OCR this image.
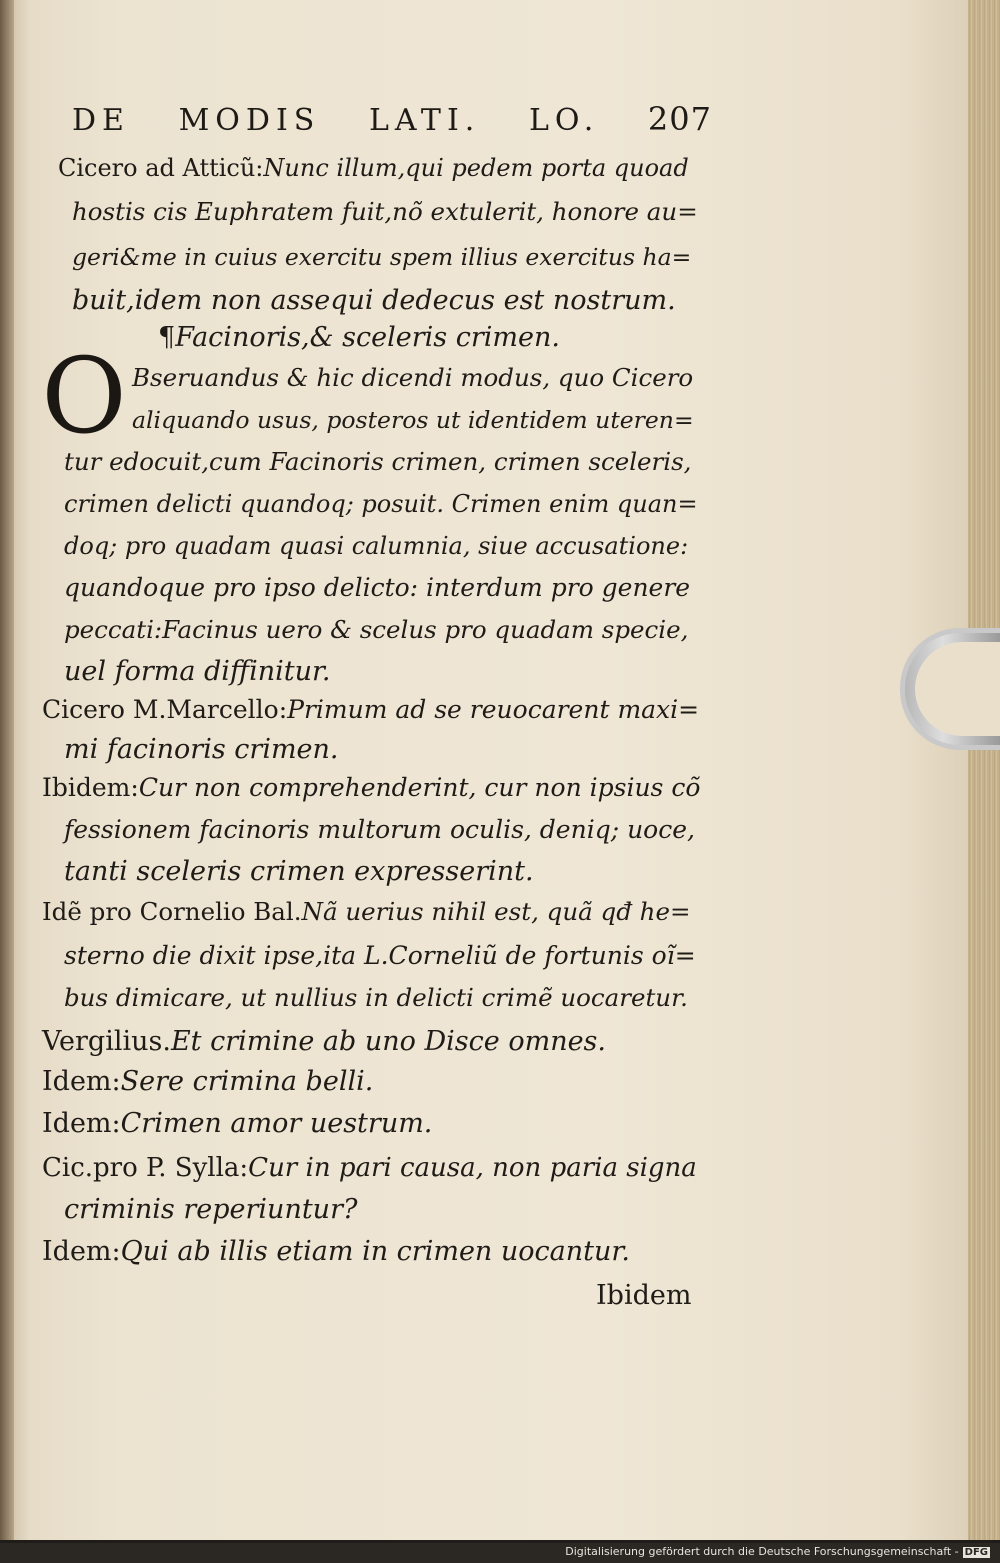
DE MODIS LATI. LO. 207
O
Cicero ad Atticũ:Nunc illum,qui pedem porta quoad
hostis cis Euphratem fuit,nõ extulerit, honore au=
geri&me in cuius exercitu spem illius exercitus ha=
buit,idem non assequi dedecus est nostrum.
¶Facinoris,& sceleris crimen.
Bseruandus & hic dicendi modus, quo Cicero
aliquando usus, posteros ut identidem uteren=
tur edocuit,cum Facinoris crimen, crimen sceleris,
crimen delicti quandoq; posuit. Crimen enim quan=
doq; pro quadam quasi calumnia, siue accusatione:
quandoque pro ipso delicto: interdum pro genere
peccati:Facinus uero & scelus pro quadam specie,
uel forma diffinitur.
Cicero M.Marcello:Primum ad se reuocarent maxi=
mi facinoris crimen.
Ibidem:Cur non comprehenderint, cur non ipsius cõ
fessionem facinoris multorum oculis, deniq; uoce,
tanti sceleris crimen expresserint.
Idẽ pro Cornelio Bal.Nã uerius nihil est, quã qđ he=
sterno die dixit ipse,ita L.Corneliũ de fortunis oĩ=
bus dimicare, ut nullius in delicti crimẽ uocaretur.
Vergilius.Et crimine ab uno Disce omnes.
Idem:Sere crimina belli.
Idem:Crimen amor uestrum.
Cic.pro P. Sylla:Cur in pari causa, non paria signa
criminis reperiuntur?
Idem:Qui ab illis etiam in crimen uocantur.
Ibidem
Digitalisierung gefördert durch die Deutsche Forschungsgemeinschaft - DFG
